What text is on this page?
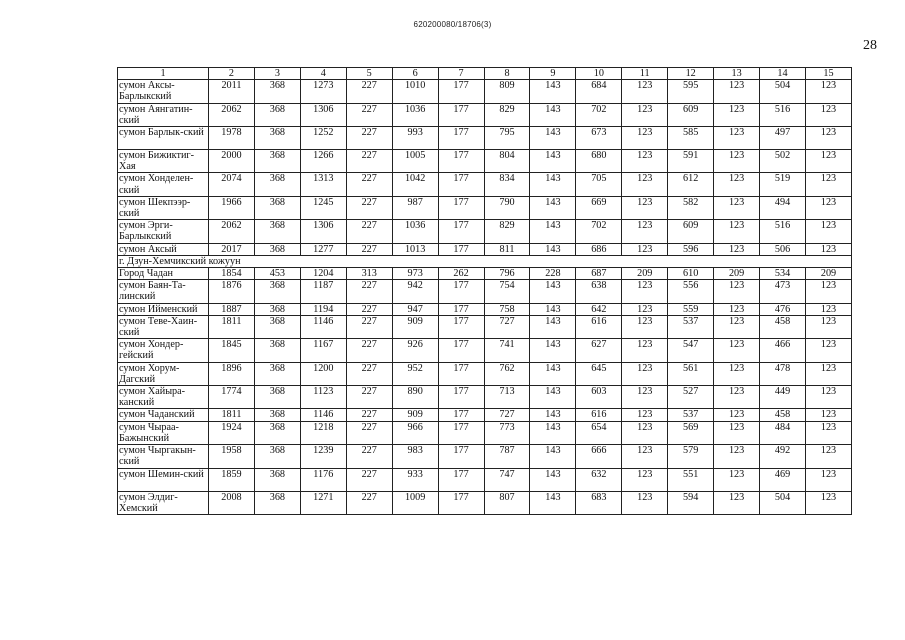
620200080/18706(3)
28
1	2	3	4	5	6	7	8	9	10	11	12	13	14	15
сумон Аксы-Барлыкский	2011	368	1273	227	1010	177	809	143	684	123	595	123	504	123
сумон Аянгатин-ский	2062	368	1306	227	1036	177	829	143	702	123	609	123	516	123
сумон Барлык-ский	1978	368	1252	227	993	177	795	143	673	123	585	123	497	123
сумон Бижиктиг-Хая	2000	368	1266	227	1005	177	804	143	680	123	591	123	502	123
сумон Хонделен-ский	2074	368	1313	227	1042	177	834	143	705	123	612	123	519	123
сумон Шекпээр-ский	1966	368	1245	227	987	177	790	143	669	123	582	123	494	123
сумон Эрги-Барлыкский	2062	368	1306	227	1036	177	829	143	702	123	609	123	516	123
сумон Аксый	2017	368	1277	227	1013	177	811	143	686	123	596	123	506	123
г. Дзун-Хемчикский кожуун														
Город Чадан	1854	453	1204	313	973	262	796	228	687	209	610	209	534	209
сумон Баян-Та-линский	1876	368	1187	227	942	177	754	143	638	123	556	123	473	123
сумон Ийменский	1887	368	1194	227	947	177	758	143	642	123	559	123	476	123
сумон Теве-Хаин-ский	1811	368	1146	227	909	177	727	143	616	123	537	123	458	123
сумон Хондер-гейский	1845	368	1167	227	926	177	741	143	627	123	547	123	466	123
сумон Хорум-Дагский	1896	368	1200	227	952	177	762	143	645	123	561	123	478	123
сумон Хайыра-канский	1774	368	1123	227	890	177	713	143	603	123	527	123	449	123
сумон Чаданский	1811	368	1146	227	909	177	727	143	616	123	537	123	458	123
сумон Чыраа-Бажынский	1924	368	1218	227	966	177	773	143	654	123	569	123	484	123
сумон Чыргакын-ский	1958	368	1239	227	983	177	787	143	666	123	579	123	492	123
сумон Шемин-ский	1859	368	1176	227	933	177	747	143	632	123	551	123	469	123
сумон Элдиг-Хемский	2008	368	1271	227	1009	177	807	143	683	123	594	123	504	123
